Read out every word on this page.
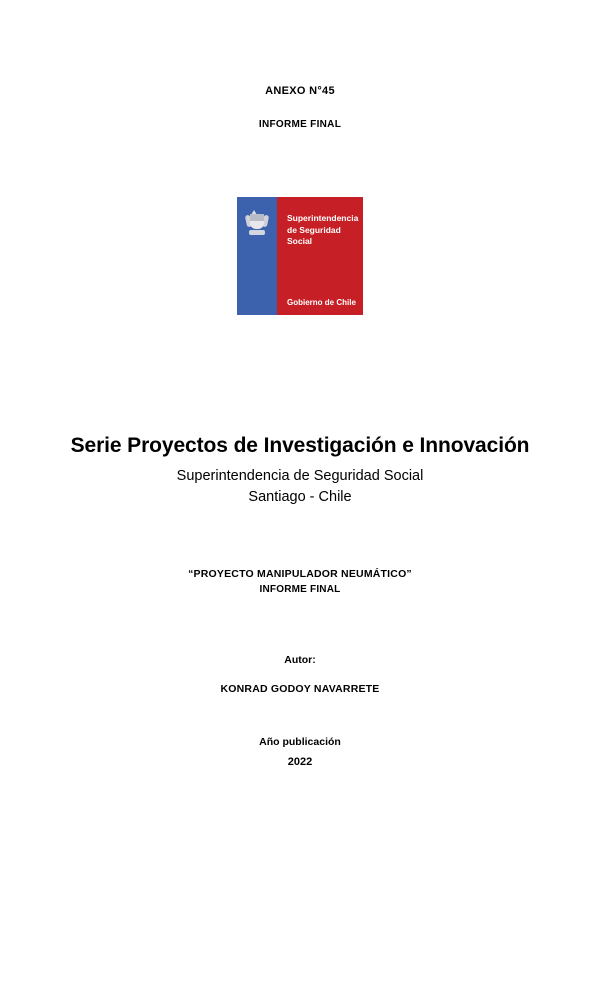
ANEXO N°45
INFORME FINAL
Superintendencia
de Seguridad
Social
Gobierno de Chile
Serie Proyectos de Investigación e Innovación
Superintendencia de Seguridad Social
Santiago - Chile
“PROYECTO MANIPULADOR NEUMÁTICO”
INFORME FINAL
Autor:
KONRAD GODOY NAVARRETE
Año publicación
2022
